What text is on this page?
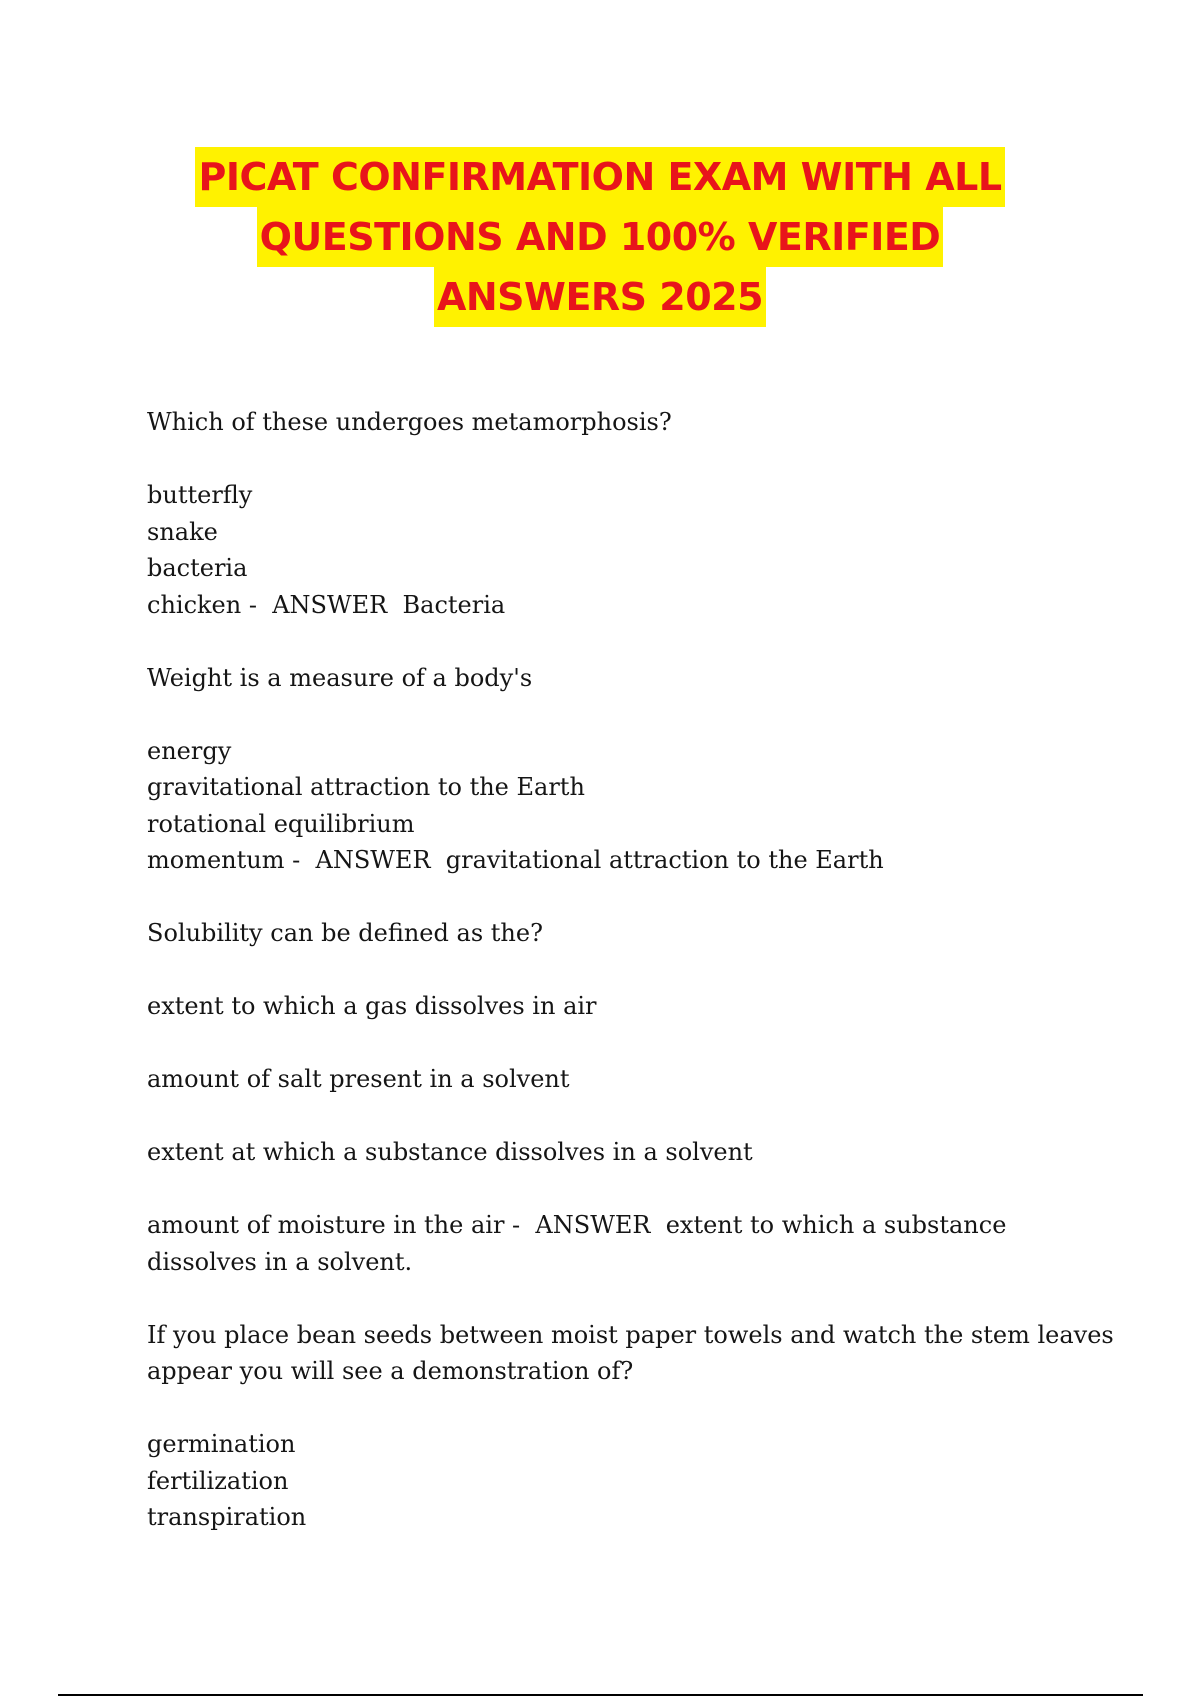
PICAT CONFIRMATION EXAM WITH ALL
QUESTIONS AND 100% VERIFIED
ANSWERS 2025
Which of these undergoes metamorphosis?
butterfly
snake
bacteria
chicken -  ANSWER Bacteria
Weight is a measure of a body's
energy
gravitational attraction to the Earth
rotational equilibrium
momentum -  ANSWER gravitational attraction to the Earth
Solubility can be defined as the?
extent to which a gas dissolves in air
amount of salt present in a solvent
extent at which a substance dissolves in a solvent
amount of moisture in the air -  ANSWER extent to which a substance
dissolves in a solvent.
If you place bean seeds between moist paper towels and watch the stem leaves
appear you will see a demonstration of?
germination
fertilization
transpiration
